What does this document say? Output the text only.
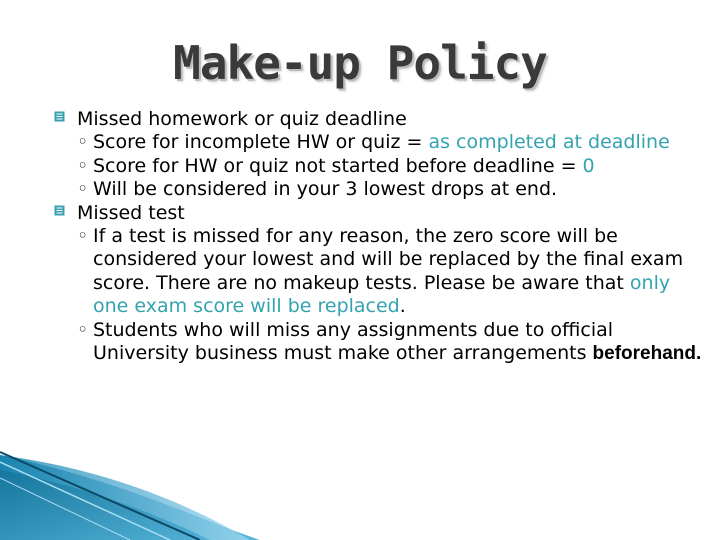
Make-up Policy
Missed homework or quiz deadline
◦ Score for incomplete HW or quiz = as completed at deadline
◦ Score for HW or quiz not started before deadline = 0
◦ Will be considered in your 3 lowest drops at end.
Missed test
◦ If a test is missed for any reason, the zero score will be considered your lowest and will be replaced by the final exam score. There are no makeup tests. Please be aware that only one exam score will be replaced.
◦ Students who will miss any assignments due to official University business must make other arrangements beforehand.
